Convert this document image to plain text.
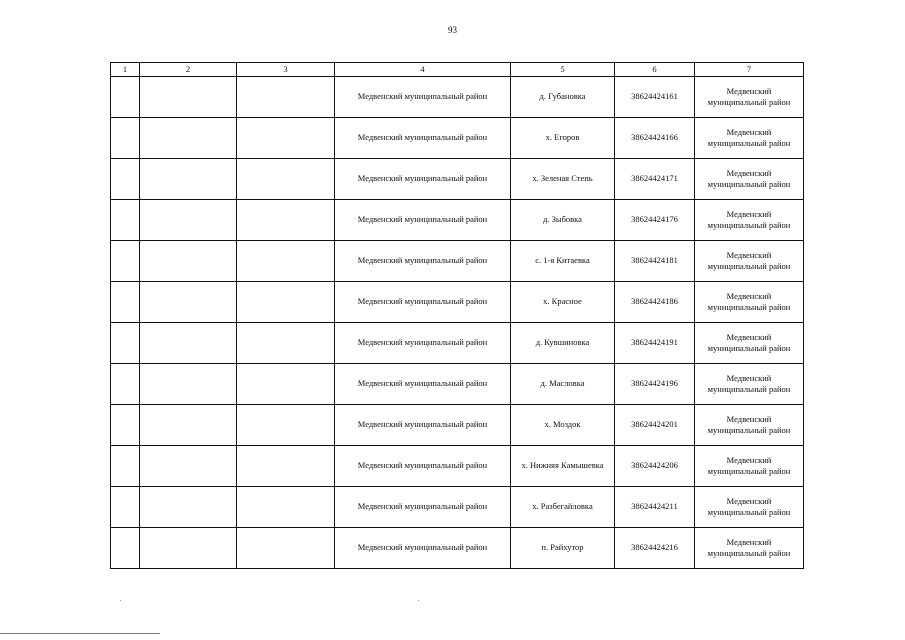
93
1	2	3	4	5	6	7
			Медвенский муниципальный район	д. Губановка	38624424161	Медвенский муниципальный район
			Медвенский муниципальный район	х. Егоров	38624424166	Медвенский муниципальный район
			Медвенский муниципальный район	х. Зеленая Степь	38624424171	Медвенский муниципальный район
			Медвенский муниципальный район	д. Зыбовка	38624424176	Медвенский муниципальный район
			Медвенский муниципальный район	с. 1-я Китаевка	38624424181	Медвенский муниципальный район
			Медвенский муниципальный район	х. Красное	38624424186	Медвенский муниципальный район
			Медвенский муниципальный район	д. Кувшиновка	38624424191	Медвенский муниципальный район
			Медвенский муниципальный район	д. Масловка	38624424196	Медвенский муниципальный район
			Медвенский муниципальный район	х. Моздок	38624424201	Медвенский муниципальный район
			Медвенский муниципальный район	х. Нижняя Камышевка	38624424206	Медвенский муниципальный район
			Медвенский муниципальный район	х. Разбегайловка	38624424211	Медвенский муниципальный район
			Медвенский муниципальный район	п. Райхутор	38624424216	Медвенский муниципальный район
